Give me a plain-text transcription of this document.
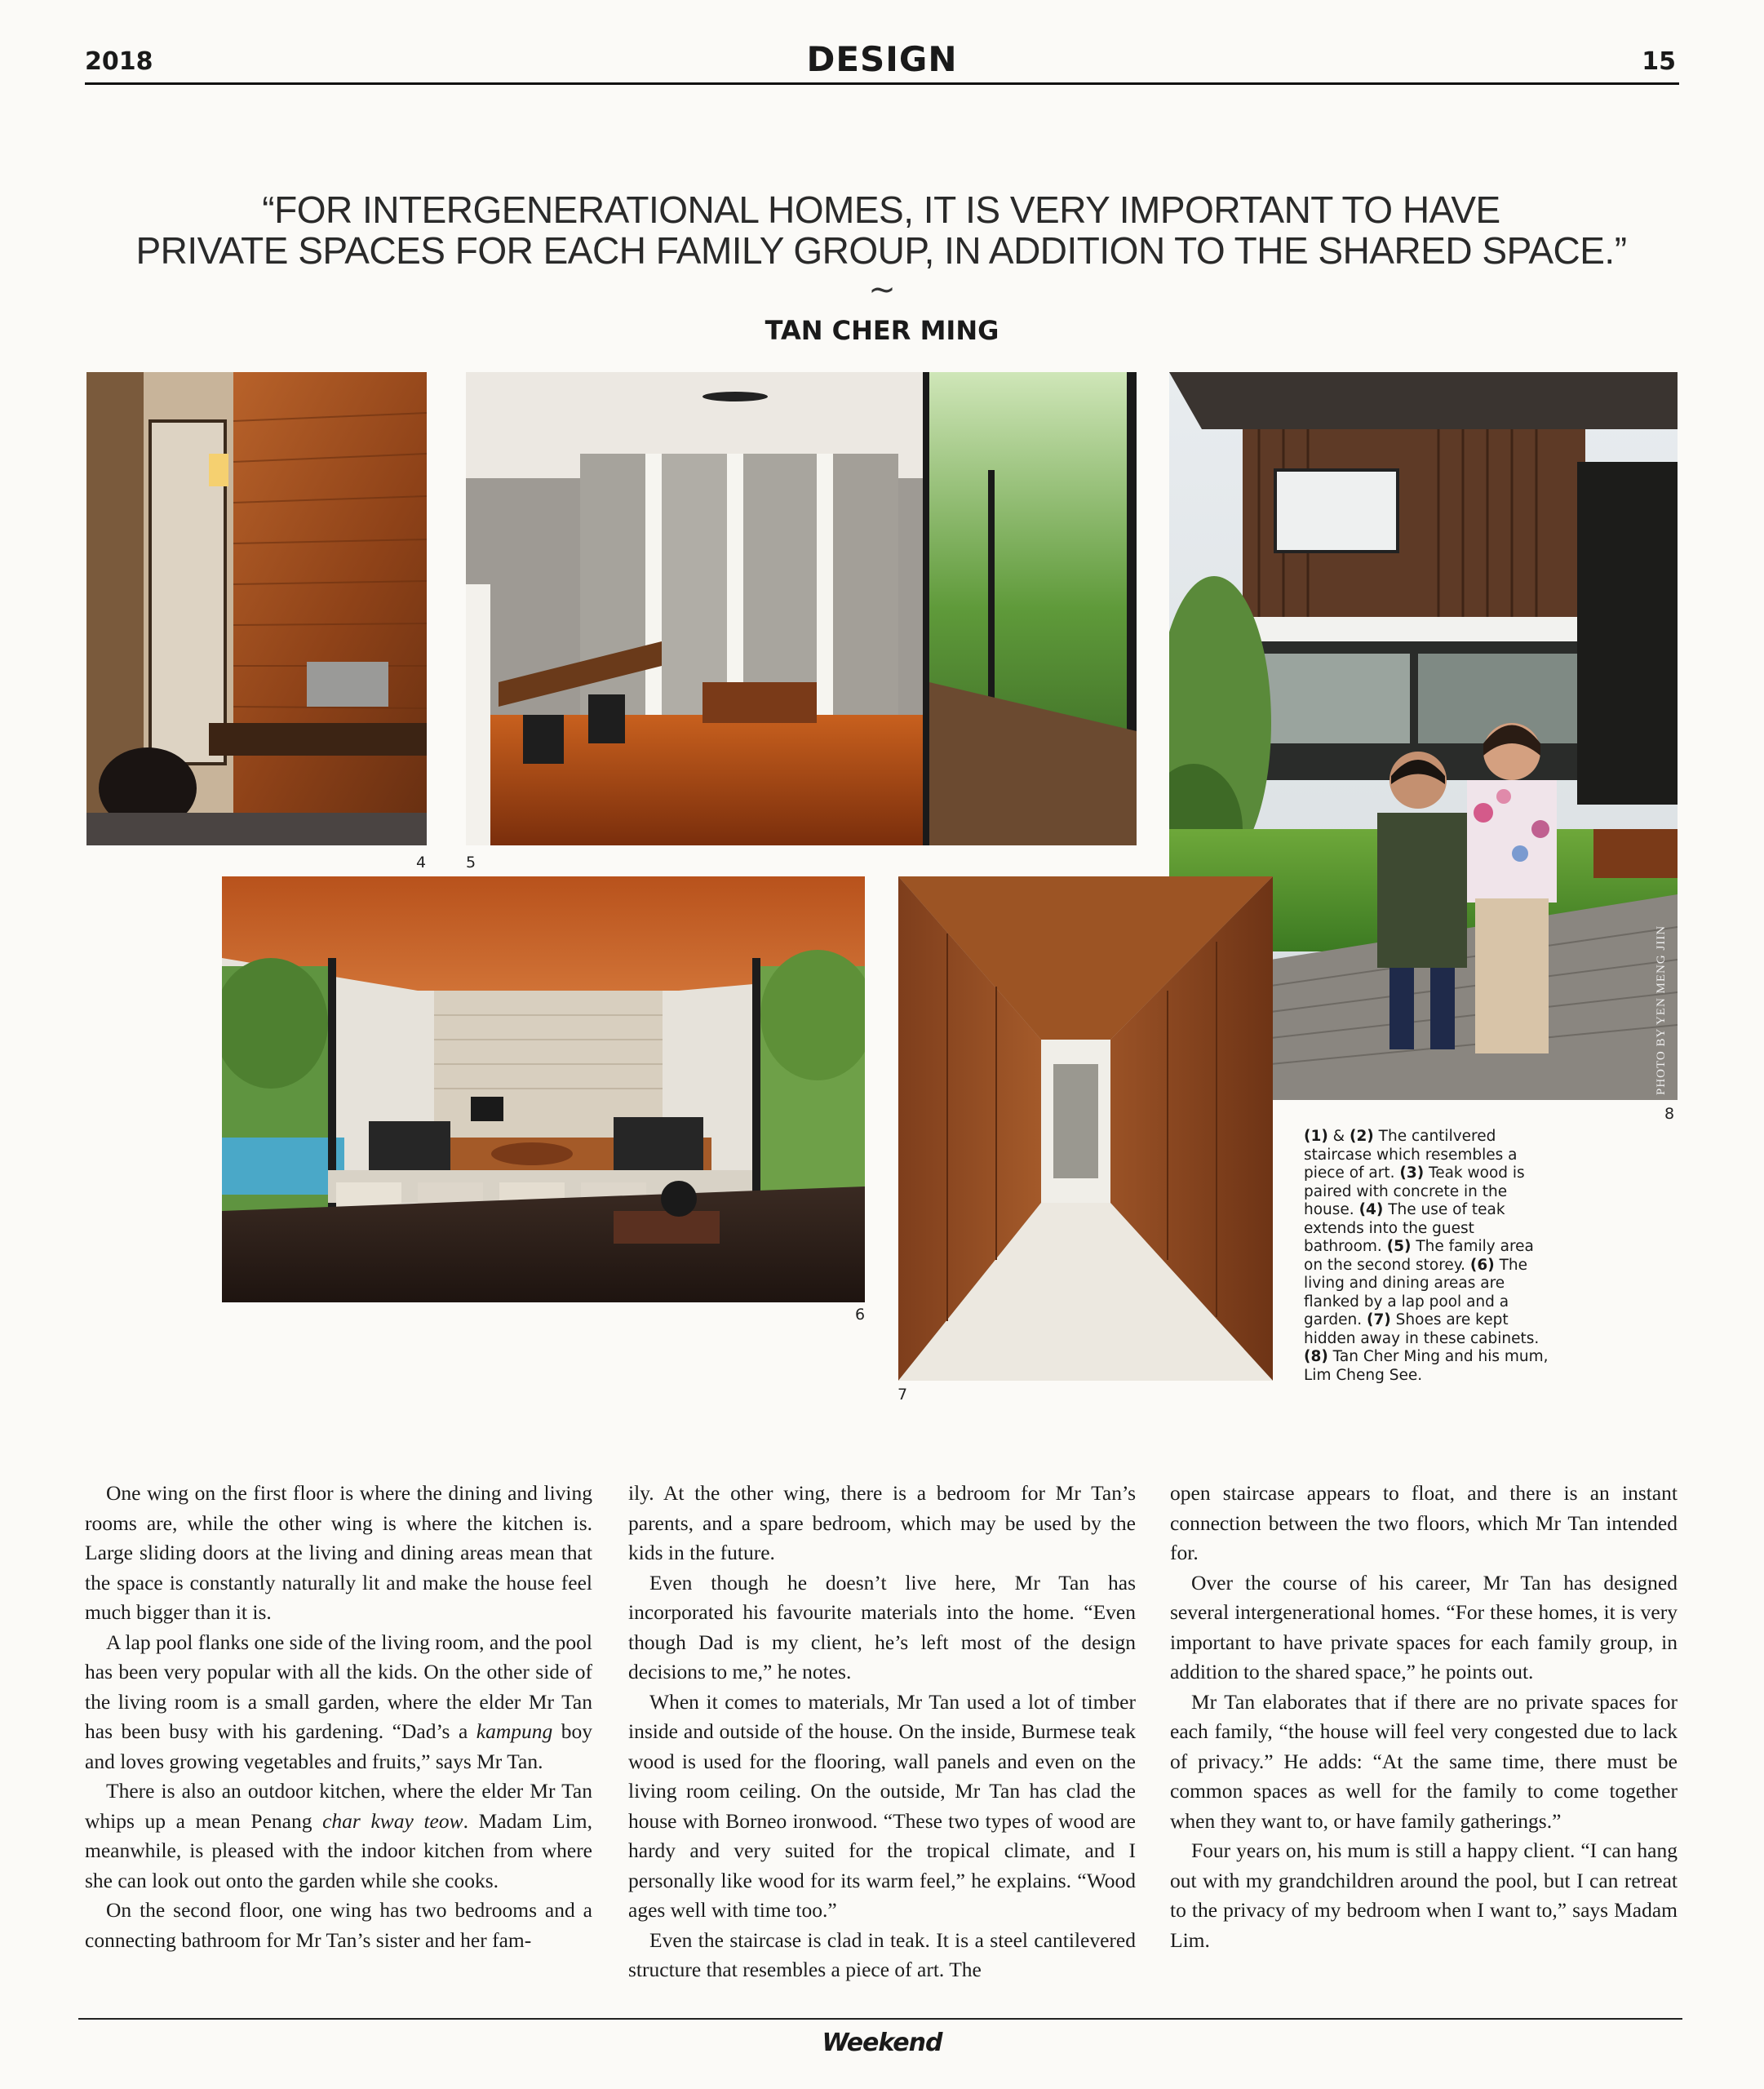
2018	DESIGN	15
“FOR INTERGENERATIONAL HOMES, IT IS VERY IMPORTANT TO HAVE
PRIVATE SPACES FOR EACH FAMILY GROUP, IN ADDITION TO THE SHARED SPACE.”
~
TAN CHER MING
4	5
PHOTO BY YEN MENG JIIN
8
6
7
(1) & (2) The cantilvered staircase which resembles a piece of art. (3) Teak wood is paired with concrete in the house. (4) The use of teak extends into the guest bathroom. (5) The family area on the second storey. (6) The living and dining areas are flanked by a lap pool and a garden. (7) Shoes are kept hidden away in these cabinets. (8) Tan Cher Ming and his mum, Lim Cheng See.

One wing on the first floor is where the dining and living rooms are, while the other wing is where the kitchen is. Large sliding doors at the living and dining areas mean that the space is constantly naturally lit and make the house feel much bigger than it is.

A lap pool flanks one side of the living room, and the pool has been very popular with all the kids. On the other side of the living room is a small garden, where the elder Mr Tan has been busy with his gardening. “Dad’s a kampung boy and loves growing vegetables and fruits,” says Mr Tan.

There is also an outdoor kitchen, where the elder Mr Tan whips up a mean Penang char kway teow. Madam Lim, meanwhile, is pleased with the indoor kitchen from where she can look out onto the garden while she cooks.

On the second floor, one wing has two bedrooms and a connecting bathroom for Mr Tan’s sister and her fam-

ily. At the other wing, there is a bedroom for Mr Tan’s parents, and a spare bedroom, which may be used by the kids in the future.

Even though he doesn’t live here, Mr Tan has incorporated his favourite materials into the home. “Even though Dad is my client, he’s left most of the design decisions to me,” he notes.

When it comes to materials, Mr Tan used a lot of timber inside and outside of the house. On the inside, Burmese teak wood is used for the flooring, wall panels and even on the living room ceiling. On the outside, Mr Tan has clad the house with Borneo ironwood. “These two types of wood are hardy and very suited for the tropical climate, and I personally like wood for its warm feel,” he explains. “Wood ages well with time too.”

Even the staircase is clad in teak. It is a steel cantilevered structure that resembles a piece of art. The

open staircase appears to float, and there is an instant connection between the two floors, which Mr Tan intended for.

Over the course of his career, Mr Tan has designed several intergenerational homes. “For these homes, it is very important to have private spaces for each family group, in addition to the shared space,” he points out.

Mr Tan elaborates that if there are no private spaces for each family, “the house will feel very congested due to lack of privacy.” He adds: “At the same time, there must be common spaces as well for the family to come together when they want to, or have family gatherings.”

Four years on, his mum is still a happy client. “I can hang out with my grandchildren around the pool, but I can retreat to the privacy of my bedroom when I want to,” says Madam Lim.

Weekend
